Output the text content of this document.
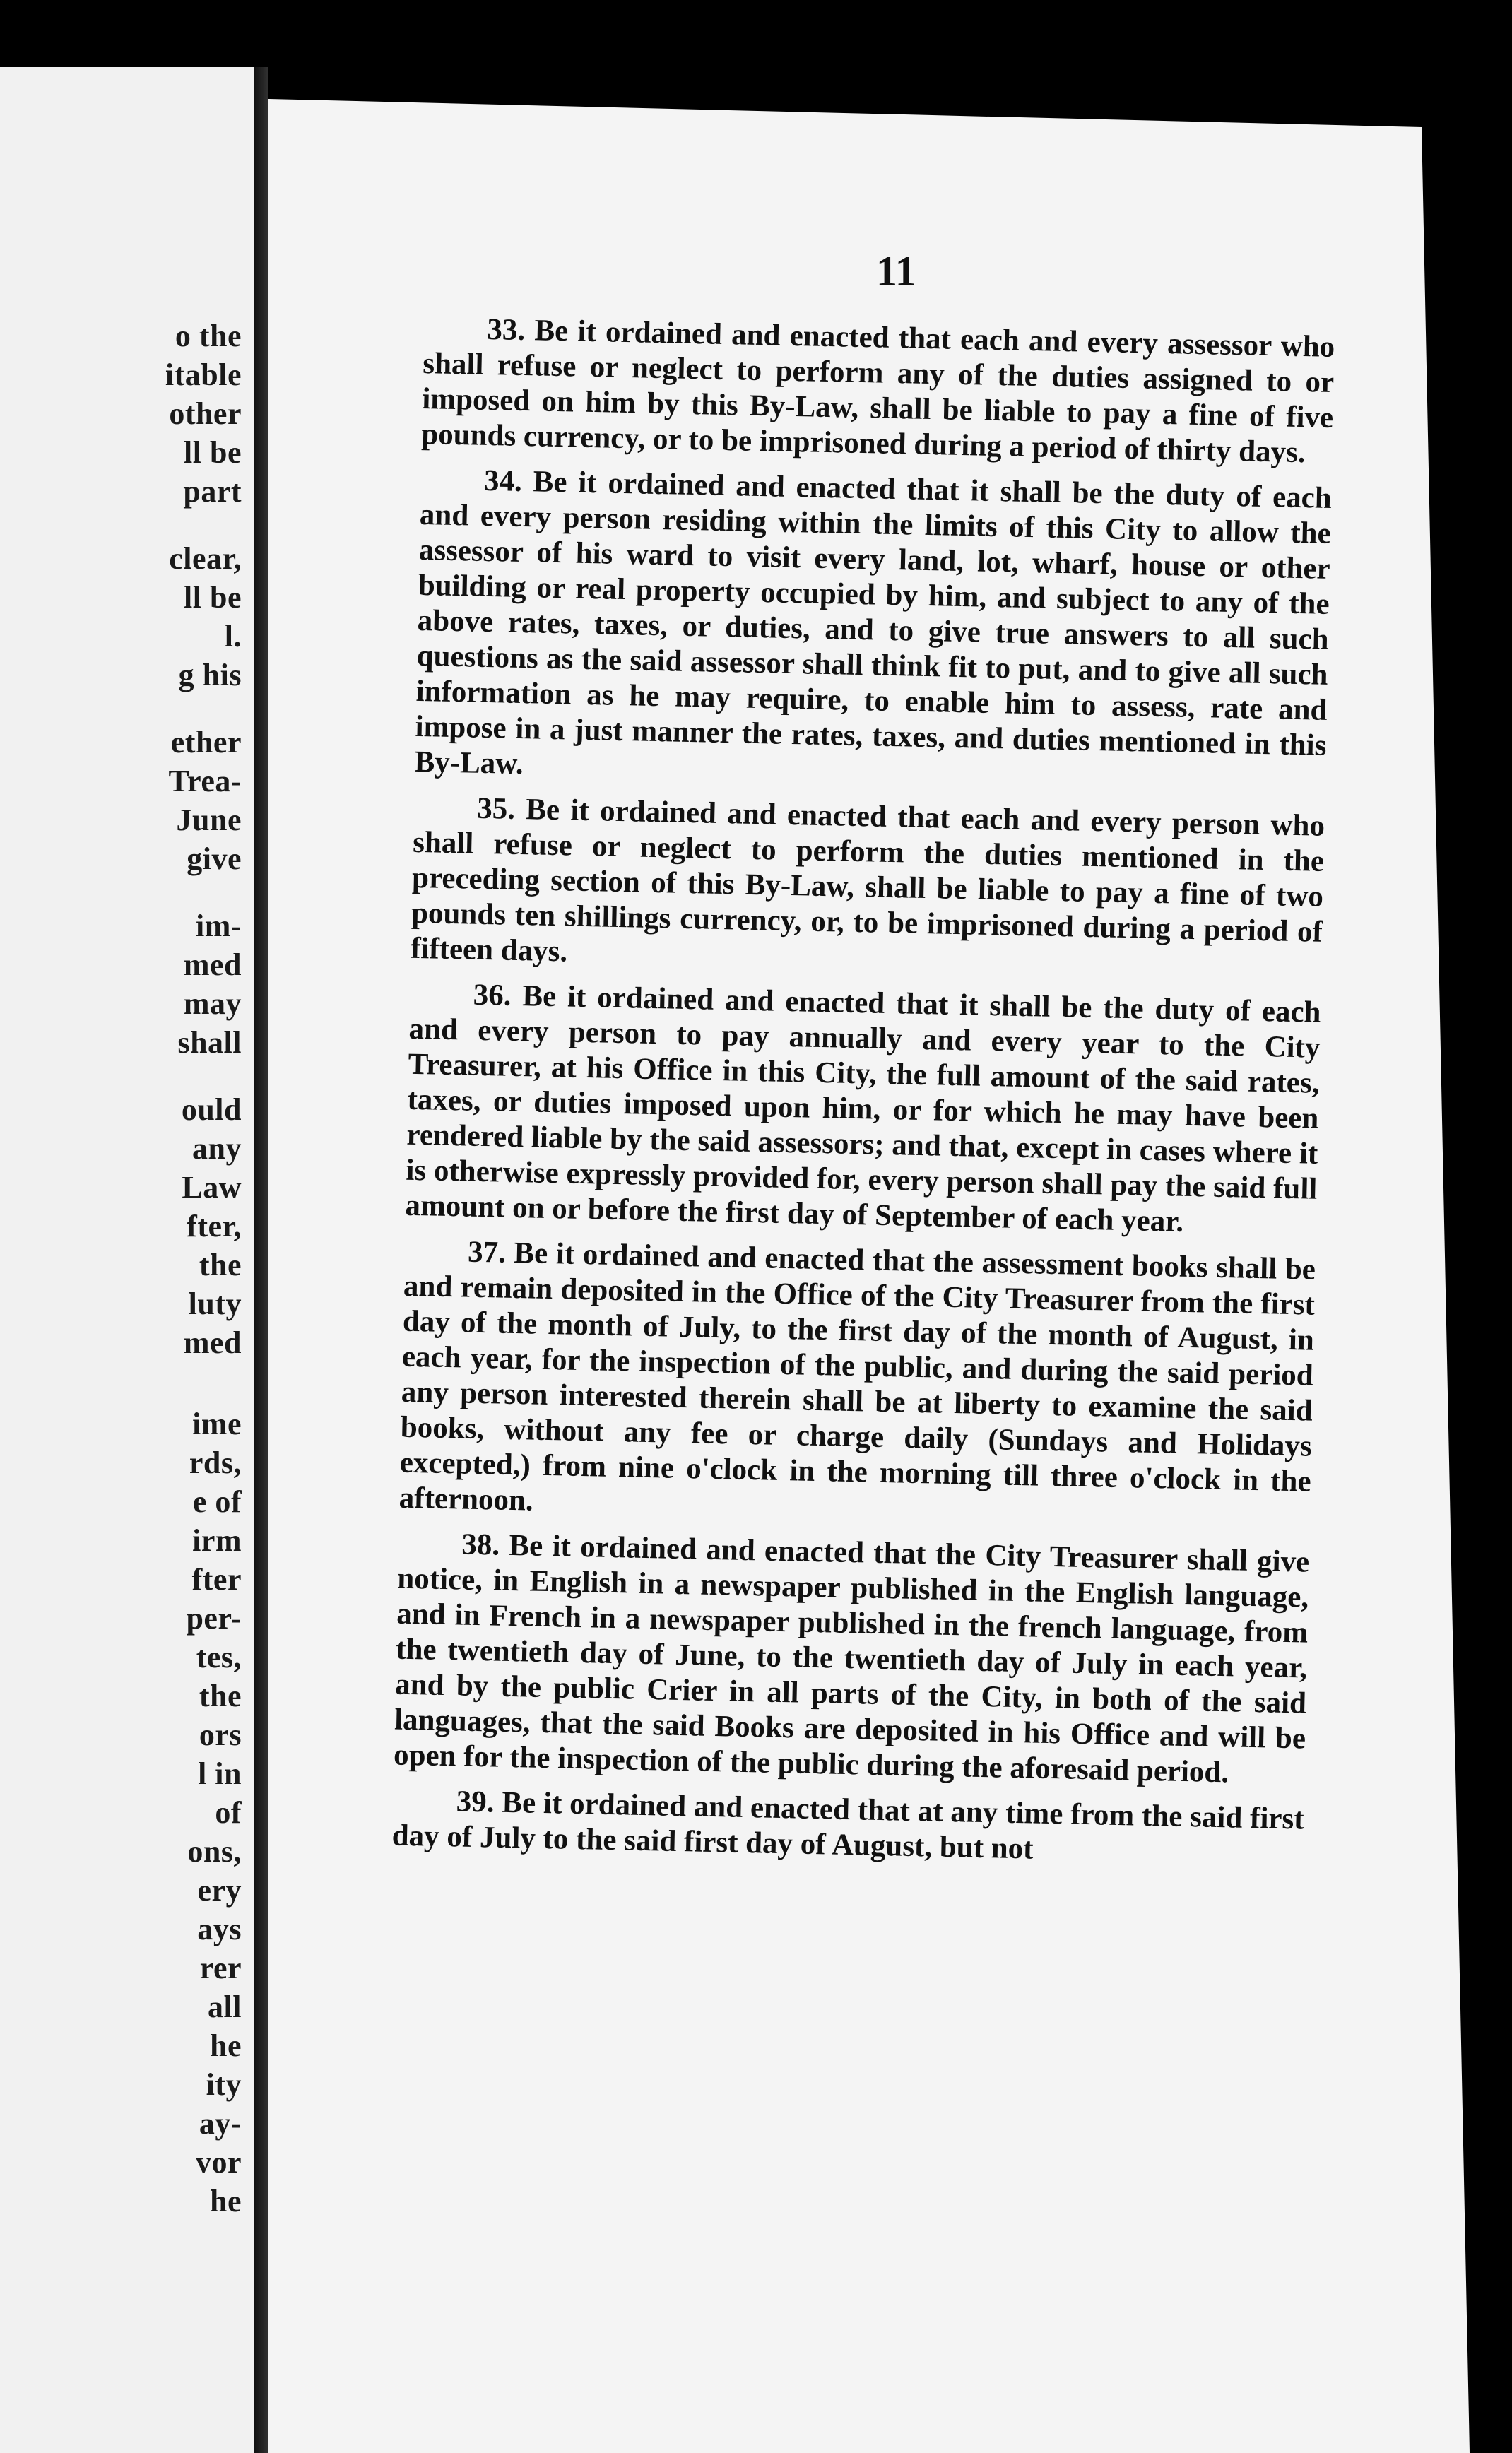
o the
itable
other
ll be
part
clear,
ll be
l.
g his
ether
Trea-
June
give
im-
med
may
shall
ould
any
Law
fter,
the
luty
med
ime
rds,
e of
irm
fter
per-
tes,
the
ors
l in
of
ons,
ery
ays
rer
all
he
ity
ay-
vor
he
11

33. Be it ordained and enacted that each and every assessor who shall refuse or neglect to perform any of the duties assigned to or imposed on him by this By-Law, shall be liable to pay a fine of five pounds currency, or to be imprisoned during a period of thirty days.

34. Be it ordained and enacted that it shall be the duty of each and every person residing within the limits of this City to allow the assessor of his ward to visit every land, lot, wharf, house or other building or real property occupied by him, and subject to any of the above rates, taxes, or duties, and to give true answers to all such questions as the said assessor shall think fit to put, and to give all such information as he may require, to enable him to assess, rate and impose in a just manner the rates, taxes, and duties mentioned in this By-Law.

35. Be it ordained and enacted that each and every person who shall refuse or neglect to perform the duties mentioned in the preceding section of this By-Law, shall be liable to pay a fine of two pounds ten shillings currency, or, to be imprisoned during a period of fifteen days.

36. Be it ordained and enacted that it shall be the duty of each and every person to pay annually and every year to the City Treasurer, at his Office in this City, the full amount of the said rates, taxes, or duties imposed upon him, or for which he may have been rendered liable by the said assessors; and that, except in cases where it is otherwise expressly provided for, every person shall pay the said full amount on or before the first day of September of each year.

37. Be it ordained and enacted that the assessment books shall be and remain deposited in the Office of the City Treasurer from the first day of the month of July, to the first day of the month of August, in each year, for the inspection of the public, and during the said period any person interested therein shall be at liberty to examine the said books, without any fee or charge daily (Sundays and Holidays excepted,) from nine o'clock in the morning till three o'clock in the afternoon.

38. Be it ordained and enacted that the City Treasurer shall give notice, in English in a newspaper published in the English language, and in French in a newspaper published in the french language, from the twentieth day of June, to the twentieth day of July in each year, and by the public Crier in all parts of the City, in both of the said languages, that the said Books are deposited in his Office and will be open for the inspection of the public during the aforesaid period.

39. Be it ordained and enacted that at any time from the said first day of July to the said first day of August, but not
